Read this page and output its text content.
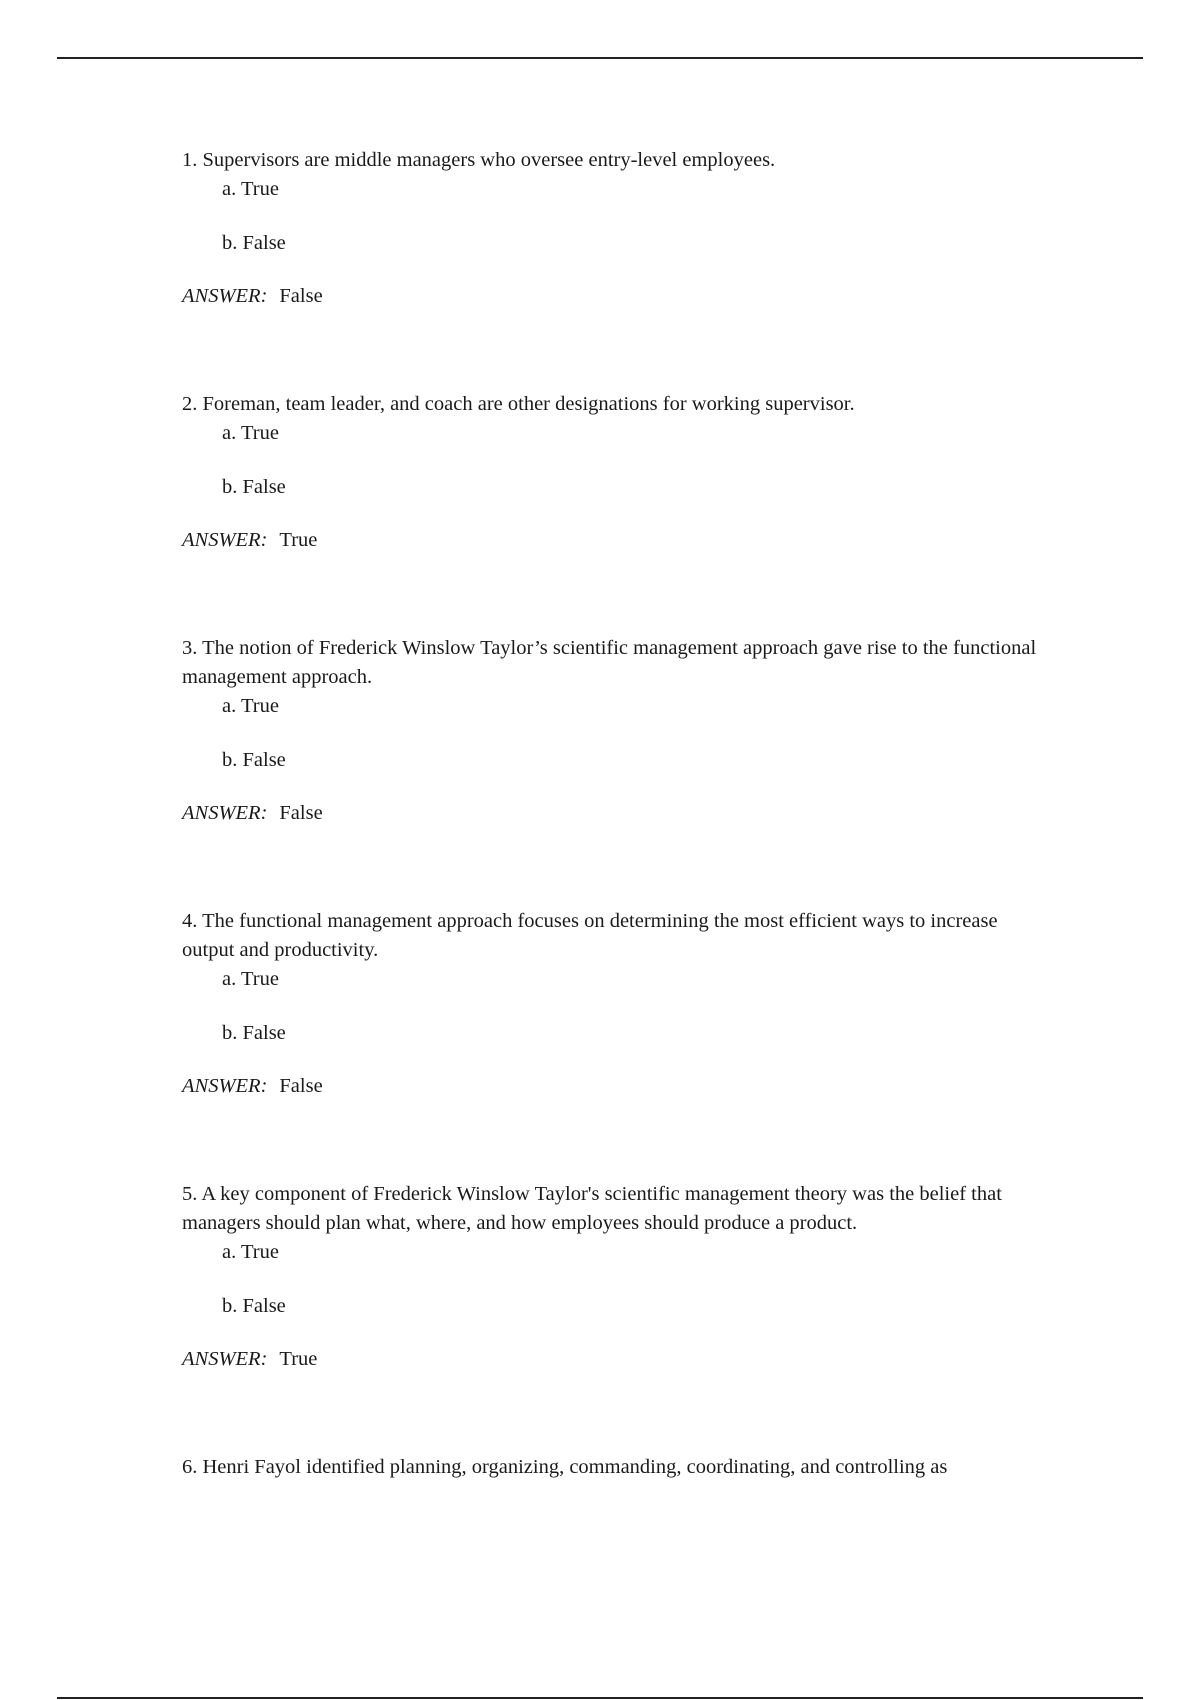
1. Supervisors are middle managers who oversee entry-level employees.

a. True
b. False
ANSWER: False

2. Foreman, team leader, and coach are other designations for working supervisor.

a. True
b. False
ANSWER: True

3. The notion of Frederick Winslow Taylor’s scientific management approach gave rise to the functional management approach.

a. True
b. False
ANSWER: False

4. The functional management approach focuses on determining the most efficient ways to increase output and productivity.

a. True
b. False
ANSWER: False

5. A key component of Frederick Winslow Taylor's scientific management theory was the belief that managers should plan what, where, and how employees should produce a product.

a. True
b. False
ANSWER: True

6. Henri Fayol identified planning, organizing, commanding, coordinating, and controlling as
